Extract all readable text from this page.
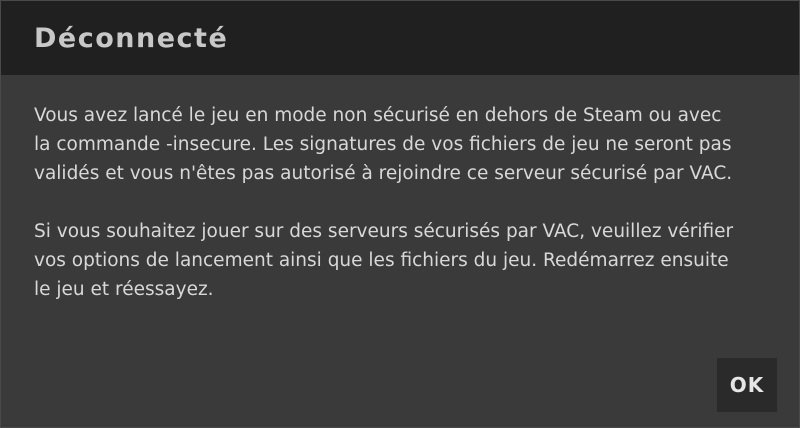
Déconnecté

Vous avez lancé le jeu en mode non sécurisé en dehors de Steam ou avec la commande -insecure. Les signatures de vos fichiers de jeu ne seront pas validés et vous n'êtes pas autorisé à rejoindre ce serveur sécurisé par VAC.

Si vous souhaitez jouer sur des serveurs sécurisés par VAC, veuillez vérifier vos options de lancement ainsi que les fichiers du jeu. Redémarrez ensuite le jeu et réessayez.

OK
